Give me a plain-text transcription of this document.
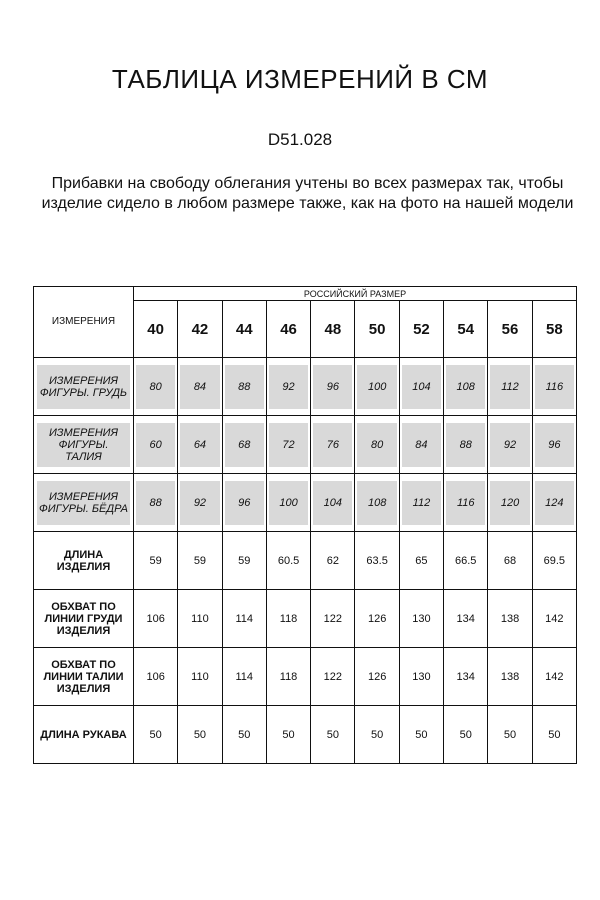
ТАБЛИЦА ИЗМЕРЕНИЙ В СМ
D51.028
Прибавки на свободу облегания учтены во всех размерах так, чтобы изделие сидело в любом размере также, как на фото на нашей модели
ИЗМЕРЕНИЯ	РОССИЙСКИЙ РАЗМЕР									
	40	42	44	46	48	50	52	54	56	58

ИЗМЕРЕНИЯ ФИГУРЫ. ГРУДЬ	80	84	88	92	96	100	104	108	112	116

ИЗМЕРЕНИЯ ФИГУРЫ. ТАЛИЯ	60	64	68	72	76	80	84	88	92	96

ИЗМЕРЕНИЯ ФИГУРЫ. БЁДРА	88	92	96	100	104	108	112	116	120	124

ДЛИНА ИЗДЕЛИЯ	59	59	59	60.5	62	63.5	65	66.5	68	69.5
ОБХВАТ ПО ЛИНИИ ГРУДИ ИЗДЕЛИЯ	106	110	114	118	122	126	130	134	138	142
ОБХВАТ ПО ЛИНИИ ТАЛИИ ИЗДЕЛИЯ	106	110	114	118	122	126	130	134	138	142
ДЛИНА РУКАВА	50	50	50	50	50	50	50	50	50	50
